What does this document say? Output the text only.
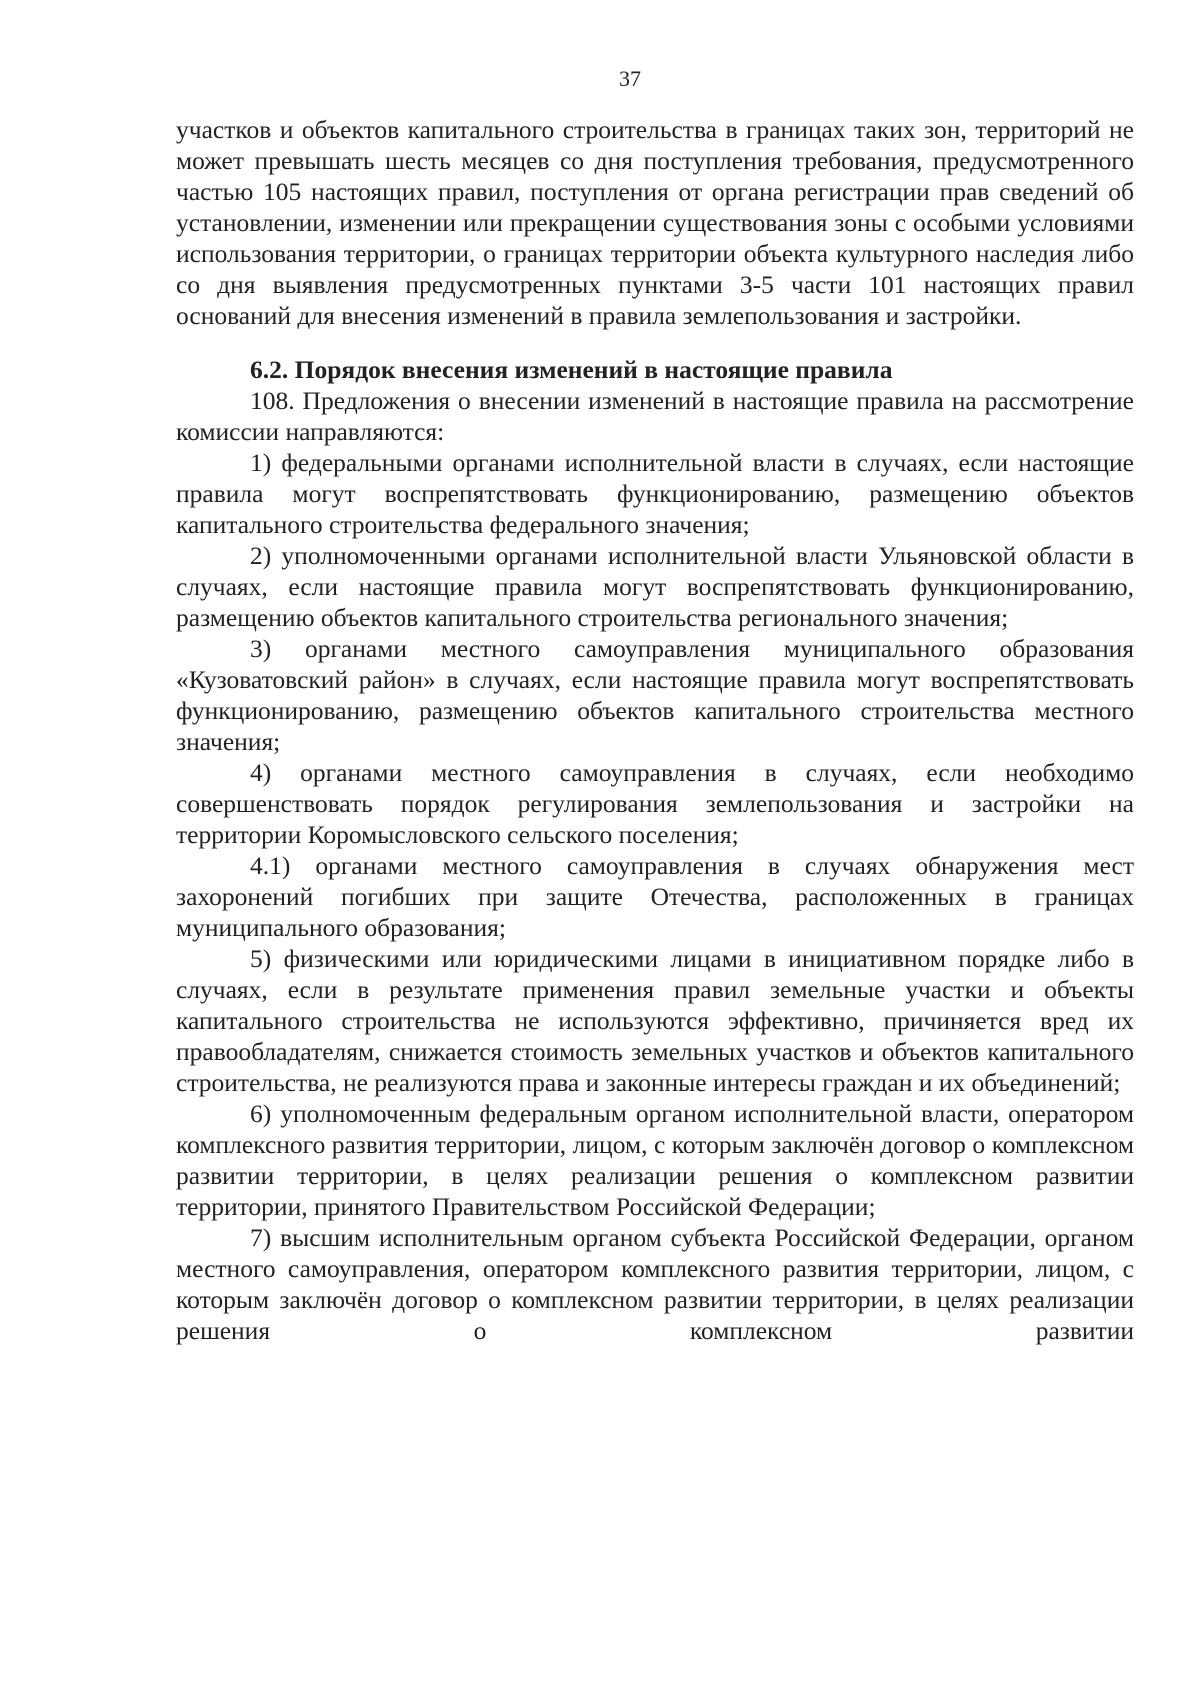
37

участков и объектов капитального строительства в границах таких зон, территорий не может превышать шесть месяцев со дня поступления требования, предусмотренного частью 105 настоящих правил, поступления от органа регистрации прав сведений об установлении, изменении или прекращении существования зоны с особыми условиями использования территории, о границах территории объекта культурного наследия либо со дня выявления предусмотренных пунктами 3-5 части 101 настоящих правил оснований для внесения изменений в правила землепользования и застройки.

6.2. Порядок внесения изменений в настоящие правила

108. Предложения о внесении изменений в настоящие правила на рассмотрение комиссии направляются:

1) федеральными органами исполнительной власти в случаях, если настоящие правила могут воспрепятствовать функционированию, размещению объектов капитального строительства федерального значения;

2) уполномоченными органами исполнительной власти Ульяновской области в случаях, если настоящие правила могут воспрепятствовать функционированию, размещению объектов капитального строительства регионального значения;

3) органами местного самоуправления муниципального образования «Кузоватовский район» в случаях, если настоящие правила могут воспрепятствовать функционированию, размещению объектов капитального строительства местного значения;

4) органами местного самоуправления в случаях, если необходимо совершенствовать порядок регулирования землепользования и застройки на территории Коромысловского сельского поселения;

4.1) органами местного самоуправления в случаях обнаружения мест захоронений погибших при защите Отечества, расположенных в границах муниципального образования;

5) физическими или юридическими лицами в инициативном порядке либо в случаях, если в результате применения правил земельные участки и объекты капитального строительства не используются эффективно, причиняется вред их правообладателям, снижается стоимость земельных участков и объектов капитального строительства, не реализуются права и законные интересы граждан и их объединений;

6) уполномоченным федеральным органом исполнительной власти, оператором комплексного развития территории, лицом, с которым заключён договор о комплексном развитии территории, в целях реализации решения о комплексном развитии территории, принятого Правительством Российской Федерации;

7) высшим исполнительным органом субъекта Российской Федерации, органом местного самоуправления, оператором комплексного развития территории, лицом, с которым заключён договор о комплексном развитии территории, в целях реализации решения о комплексном развитии
